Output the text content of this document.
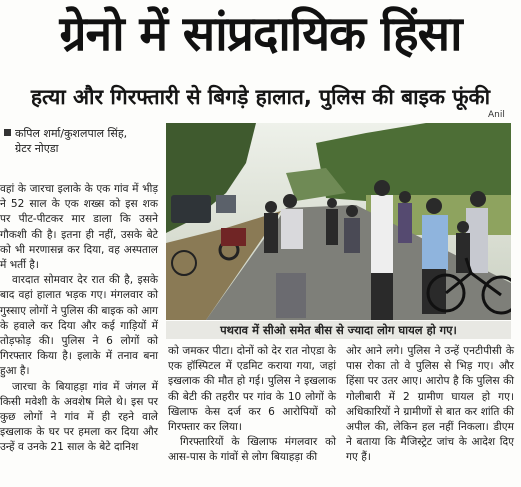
ग्रेनो में सांप्रदायिक हिंसा
हत्या और गिरफ्तारी से बिगड़े हालात, पुलिस की बाइक फूंकी
Anil
कपिल शर्मा/कुशलपाल सिंह,
ग्रेटर नोएडा

वहां के जारचा इलाके के एक गांव में भीड़ ने 52 साल के एक शख्स को इस शक पर पीट-पीटकर मार डाला कि उसने गौकशी की है। इतना ही नहीं, उसके बेटे को भी मरणासन्न कर दिया, वह अस्पताल में भर्ती है।

वारदात सोमवार देर रात की है, इसके बाद वहां हालात भड़क गए। मंगलवार को गुस्साए लोगों ने पुलिस की बाइक को आग के हवाले कर दिया और कई गाड़ियों में तोड़फोड़ की। पुलिस ने 6 लोगों को गिरफ्तार किया है। इलाके में तनाव बना हुआ है।

जारचा के बियाहड़ा गांव में जंगल में किसी मवेशी के अवशेष मिले थे। इस पर कुछ लोगों ने गांव में ही रहने वाले इखलाक के घर पर हमला कर दिया और उन्हें व उनके 21 साल के बेटे दानिश

पथराव में सीओ समेत बीस से ज्यादा लोग घायल हो गए।

को जमकर पीटा। दोनों को देर रात नोएडा के एक हॉस्पिटल में एडमिट कराया गया, जहां इखलाक की मौत हो गई। पुलिस ने इखलाक की बेटी की तहरीर पर गांव के 10 लोगों के खिलाफ केस दर्ज कर 6 आरोपियों को गिरफ्तार कर लिया।

गिरफ्तारियों के खिलाफ मंगलवार को आस-पास के गांवों से लोग बियाहड़ा की

ओर आने लगे। पुलिस ने उन्हें एनटीपीसी के पास रोका तो वे पुलिस से भिड़ गए। और हिंसा पर उतर आए। आरोप है कि पुलिस की गोलीबारी में 2 ग्रामीण घायल हो गए। अधिकारियों ने ग्रामीणों से बात कर शांति की अपील की, लेकिन हल नहीं निकला। डीएम ने बताया कि मैजिस्ट्रेट जांच के आदेश दिए गए हैं।
